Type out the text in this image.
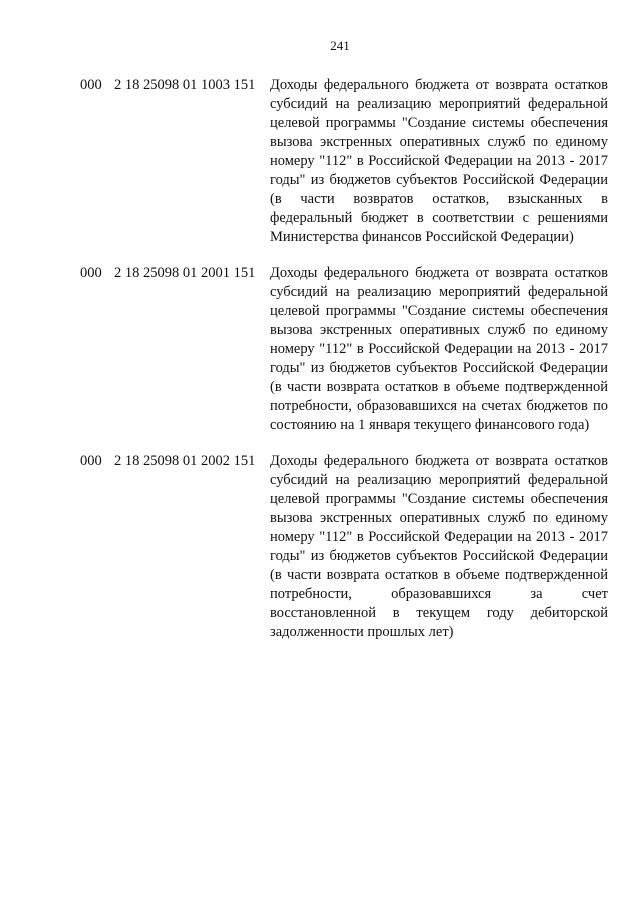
241
000 2 18 25098 01 1003 151	Доходы федерального бюджета от возврата остатков субсидий на реализацию мероприятий федеральной целевой программы "Создание системы обеспечения вызова экстренных оперативных служб по единому номеру "112" в Российской Федерации на 2013 - 2017 годы" из бюджетов субъектов Российской Федерации (в части возвратов остатков, взысканных в федеральный бюджет в соответствии с решениями Министерства финансов Российской Федерации)
000 2 18 25098 01 2001 151	Доходы федерального бюджета от возврата остатков субсидий на реализацию мероприятий федеральной целевой программы "Создание системы обеспечения вызова экстренных оперативных служб по единому номеру "112" в Российской Федерации на 2013 - 2017 годы" из бюджетов субъектов Российской Федерации (в части возврата остатков в объеме подтвержденной потребности, образовавшихся на счетах бюджетов по состоянию на 1 января текущего финансового года)
000 2 18 25098 01 2002 151	Доходы федерального бюджета от возврата остатков субсидий на реализацию мероприятий федеральной целевой программы "Создание системы обеспечения вызова экстренных оперативных служб по единому номеру "112" в Российской Федерации на 2013 - 2017 годы" из бюджетов субъектов Российской Федерации (в части возврата остатков в объеме подтвержденной потребности, образовавшихся за счет восстановленной в текущем году дебиторской задолженности прошлых лет)
